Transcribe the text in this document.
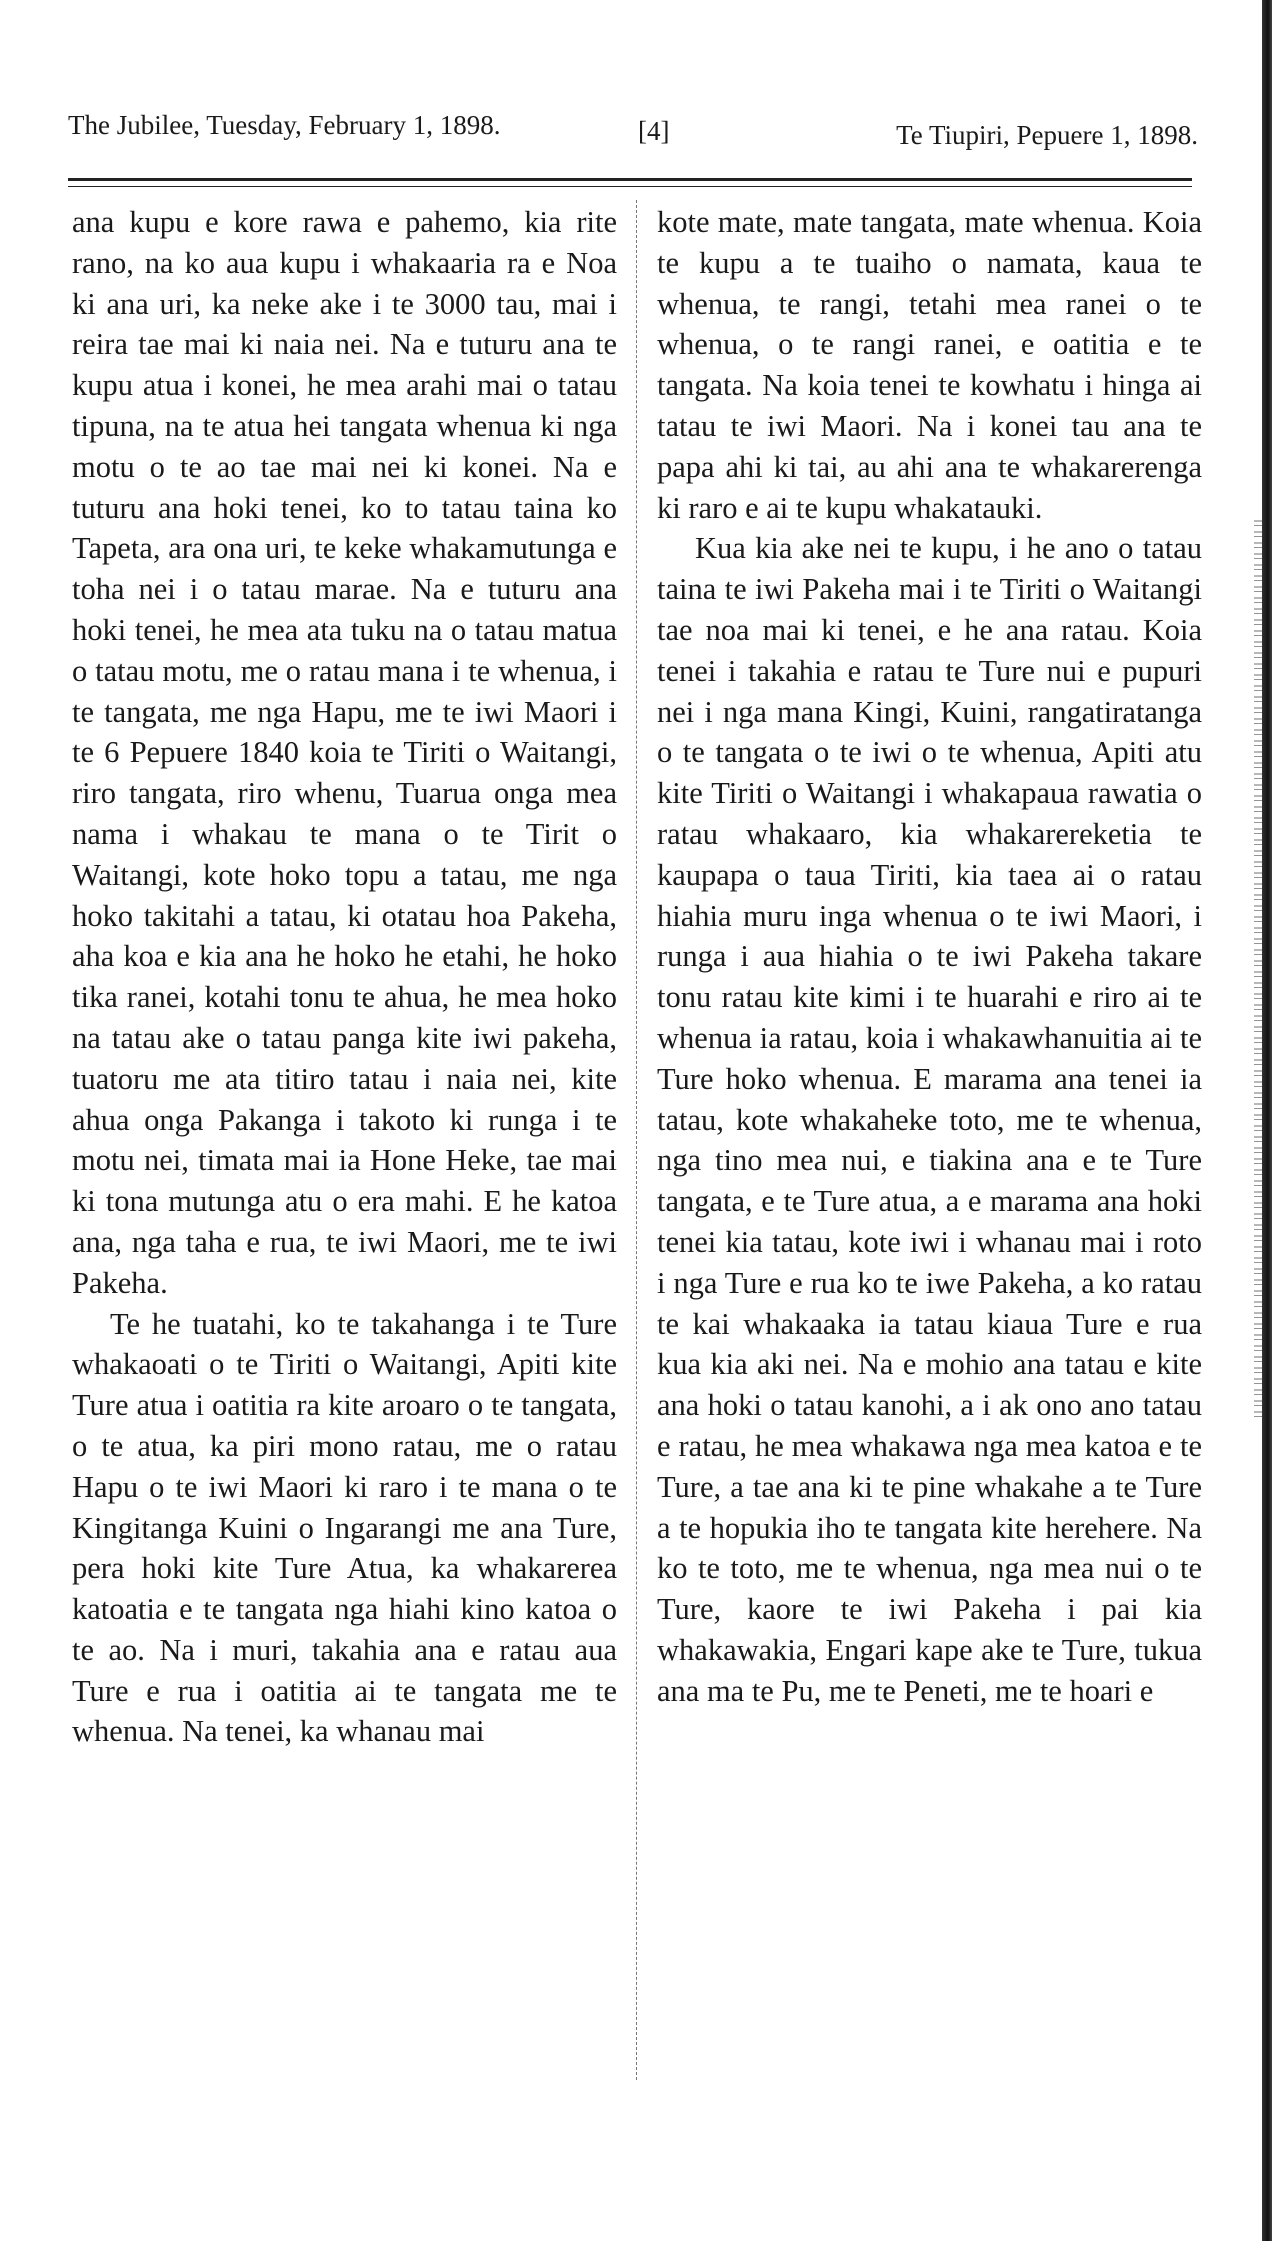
The Jubilee, Tuesday, February 1, 1898.	[4]	Te Tiupiri, Pepuere 1, 1898.

ana kupu e kore rawa e pahemo, kia rite rano, na ko aua kupu i whakaaria ra e Noa ki ana uri, ka neke ake i te 3000 tau, mai i reira tae mai ki naia nei. Na e tuturu ana te kupu atua i konei, he mea arahi mai o tatau tipuna, na te atua hei tangata whenua ki nga motu o te ao tae mai nei ki konei. Na e tuturu ana hoki tenei, ko to tatau taina ko Tapeta, ara ona uri, te keke whakamutunga e toha nei i o tatau marae. Na e tuturu ana hoki tenei, he mea ata tuku na o tatau matua o tatau motu, me o ratau mana i te whenua, i te tangata, me nga Hapu, me te iwi Maori i te 6 Pepuere 1840 koia te Tiriti o Waitangi, riro tangata, riro whenu, Tuarua onga mea nama i whakau te mana o te Tirit o Waitangi, kote hoko topu a tatau, me nga hoko takitahi a tatau, ki otatau hoa Pakeha, aha koa e kia ana he hoko he etahi, he hoko tika ranei, kotahi tonu te ahua, he mea hoko na tatau ake o tatau panga kite iwi pakeha, tuatoru me ata titiro tatau i naia nei, kite ahua onga Pakanga i takoto ki runga i te motu nei, timata mai ia Hone Heke, tae mai ki tona mutunga atu o era mahi. E he katoa ana, nga taha e rua, te iwi Maori, me te iwi Pakeha.

Te he tuatahi, ko te takahanga i te Ture whakaoati o te Tiriti o Waitangi, Apiti kite Ture atua i oatitia ra kite aroaro o te tangata, o te atua, ka piri mono ratau, me o ratau Hapu o te iwi Maori ki raro i te mana o te Kingitanga Kuini o Ingarangi me ana Ture, pera hoki kite Ture Atua, ka whakarerea katoatia e te tangata nga hiahi kino katoa o te ao. Na i muri, takahia ana e ratau aua Ture e rua i oatitia ai te tangata me te whenua. Na tenei, ka whanau mai

kote mate, mate tangata, mate whenua. Koia te kupu a te tuaiho o namata, kaua te whenua, te rangi, tetahi mea ranei o te whenua, o te rangi ranei, e oatitia e te tangata. Na koia tenei te kowhatu i hinga ai tatau te iwi Maori. Na i konei tau ana te papa ahi ki tai, au ahi ana te whakarerenga ki raro e ai te kupu whakatauki.

Kua kia ake nei te kupu, i he ano o tatau taina te iwi Pakeha mai i te Tiriti o Waitangi tae noa mai ki tenei, e he ana ratau. Koia tenei i takahia e ratau te Ture nui e pupuri nei i nga mana Kingi, Kuini, rangatiratanga o te tangata o te iwi o te whenua, Apiti atu kite Tiriti o Waitangi i whakapaua rawatia o ratau whakaaro, kia whakarereketia te kaupapa o taua Tiriti, kia taea ai o ratau hiahia muru inga whenua o te iwi Maori, i runga i aua hiahia o te iwi Pakeha takare tonu ratau kite kimi i te huarahi e riro ai te whenua ia ratau, koia i whakawhanuitia ai te Ture hoko whenua. E marama ana tenei ia tatau, kote whakaheke toto, me te whenua, nga tino mea nui, e tiakina ana e te Ture tangata, e te Ture atua, a e marama ana hoki tenei kia tatau, kote iwi i whanau mai i roto i nga Ture e rua ko te iwe Pakeha, a ko ratau te kai whakaaka ia tatau kiaua Ture e rua kua kia aki nei. Na e mohio ana tatau e kite ana hoki o tatau kanohi, a i ak ono ano tatau e ratau, he mea whakawa nga mea katoa e te Ture, a tae ana ki te pine whakahe a te Ture a te hopukia iho te tangata kite herehere. Na ko te toto, me te whenua, nga mea nui o te Ture, kaore te iwi Pakeha i pai kia whakawakia, Engari kape ake te Ture, tukua ana ma te Pu, me te Peneti, me te hoari e
